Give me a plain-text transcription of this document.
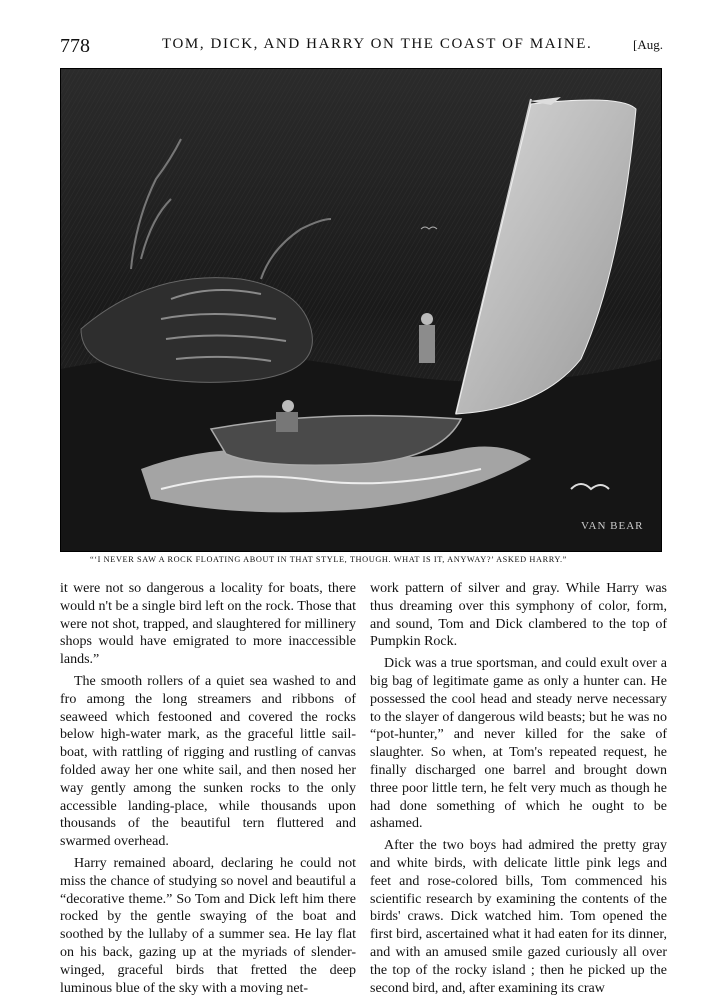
778	TOM, DICK, AND HARRY ON THE COAST OF MAINE.	[Aug.
VAN BEAR
“‘I NEVER SAW A ROCK FLOATING ABOUT IN THAT STYLE, THOUGH. WHAT IS IT, ANYWAY?’ ASKED HARRY.”

it were not so dangerous a locality for boats, there would n't be a single bird left on the rock. Those that were not shot, trapped, and slaughtered for millinery shops would have emigrated to more inaccessible lands.”

The smooth rollers of a quiet sea washed to and fro among the long streamers and ribbons of seaweed which festooned and covered the rocks below high-water mark, as the graceful little sail-boat, with rattling of rigging and rustling of canvas folded away her one white sail, and then nosed her way gently among the sunken rocks to the only accessible landing-place, while thousands upon thousands of the beautiful tern fluttered and swarmed overhead.

Harry remained aboard, declaring he could not miss the chance of studying so novel and beautiful a “decorative theme.” So Tom and Dick left him there rocked by the gentle swaying of the boat and soothed by the lullaby of a summer sea. He lay flat on his back, gazing up at the myriads of slender-winged, graceful birds that fretted the deep luminous blue of the sky with a moving net-

work pattern of silver and gray. While Harry was thus dreaming over this symphony of color, form, and sound, Tom and Dick clambered to the top of Pumpkin Rock.

Dick was a true sportsman, and could exult over a big bag of legitimate game as only a hunter can. He possessed the cool head and steady nerve necessary to the slayer of dangerous wild beasts; but he was no “pot-hunter,” and never killed for the sake of slaughter. So when, at Tom's repeated request, he finally discharged one barrel and brought down three poor little tern, he felt very much as though he had done something of which he ought to be ashamed.

After the two boys had admired the pretty gray and white birds, with delicate little pink legs and feet and rose-colored bills, Tom commenced his scientific research by examining the contents of the birds' craws. Dick watched him. Tom opened the first bird, ascertained what it had eaten for its dinner, and with an amused smile gazed curiously all over the top of the rocky island ; then he picked up the second bird, and, after examining its craw
